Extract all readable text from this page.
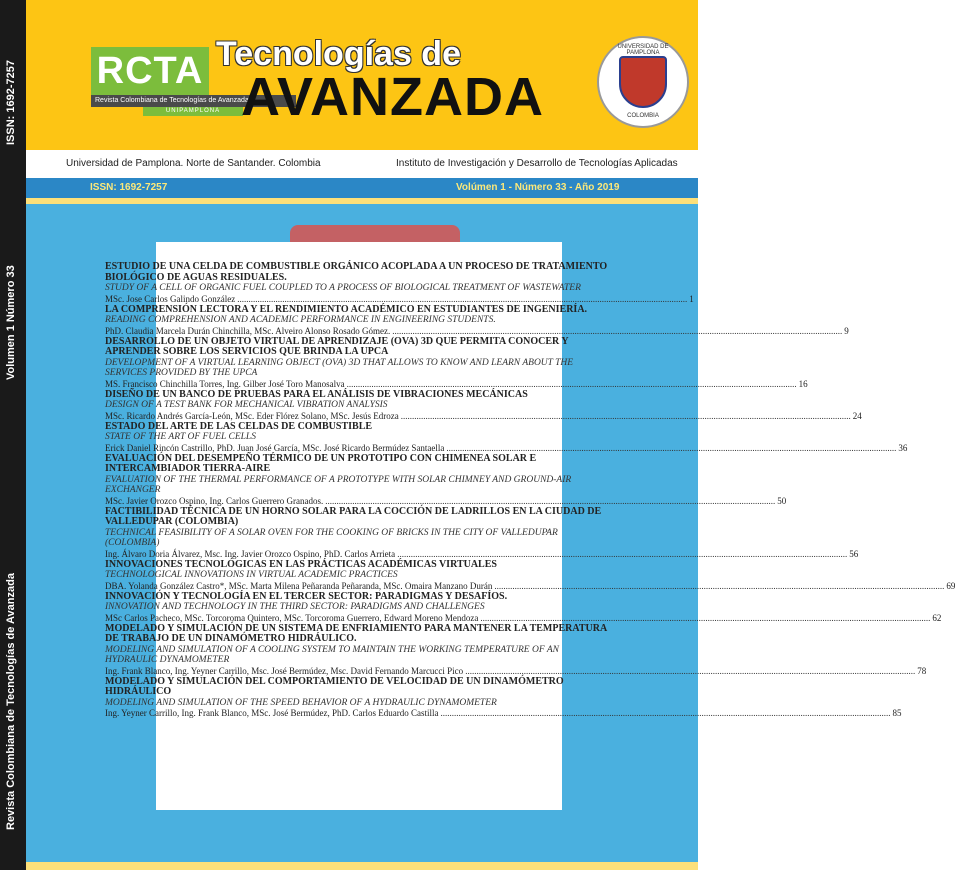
ISSN: 1692-7257
Volumen 1 Número 33
Revista Colombiana de Tecnologías de Avanzada
RCTA
Revista Colombiana de Tecnologías de Avanzada
UNIPAMPLONA
Tecnologías de
AVANZADA
UNIVERSIDAD DE PAMPLONA
COLOMBIA
Universidad de Pamplona. Norte de Santander. Colombia	Instituto de Investigación y Desarrollo de Tecnologías Aplicadas
ISSN: 1692-7257	Volúmen 1 - Número 33 - Año 2019
ESTUDIO DE UNA CELDA DE COMBUSTIBLE ORGÁNICO ACOPLADA A UN PROCESO DE TRATAMIENTO BIOLÓGICO DE AGUAS RESIDUALES.
STUDY OF A CELL OF ORGANIC FUEL COUPLED TO A PROCESS OF BIOLOGICAL TREATMENT OF WASTEWATER
MSc. Jose Carlos Galindo González ........................................................................................................................................................................................................ 1
LA COMPRENSIÓN LECTORA Y EL RENDIMIENTO ACADÉMICO EN ESTUDIANTES DE INGENIERÍA.
READING COMPREHENSION AND ACADEMIC PERFORMANCE IN ENGINEERING STUDENTS.
PhD. Claudia Marcela Durán Chinchilla, MSc. Alveiro Alonso Rosado Gómez. ........................................................................................................................................................................................................ 9
DESARROLLO DE UN OBJETO VIRTUAL DE APRENDIZAJE (OVA) 3D QUE PERMITA CONOCER Y APRENDER SOBRE LOS SERVICIOS QUE BRINDA LA UPCA
DEVELOPMENT OF A VIRTUAL LEARNING OBJECT (OVA) 3D THAT ALLOWS TO KNOW AND LEARN ABOUT THE SERVICES PROVIDED BY THE UPCA
MS. Francisco Chinchilla Torres, Ing. Gilber José Toro Manosalva ........................................................................................................................................................................................................ 16
DISEÑO DE UN BANCO DE PRUEBAS PARA EL ANÁLISIS DE VIBRACIONES MECÁNICAS
DESIGN OF A TEST BANK FOR MECHANICAL VIBRATION ANALYSIS
MSc. Ricardo Andrés García-León, MSc. Eder Flórez Solano, MSc. Jesús Edroza ........................................................................................................................................................................................................ 24
ESTADO DEL ARTE DE LAS CELDAS DE COMBUSTIBLE
STATE OF THE ART OF FUEL CELLS
Erick Daniel Rincón Castrillo, PhD. Juan José García, MSc. José Ricardo Bermúdez Santaella ........................................................................................................................................................................................................ 36
EVALUACIÓN DEL DESEMPEÑO TÉRMICO DE UN PROTOTIPO CON CHIMENEA SOLAR E INTERCAMBIADOR TIERRA-AIRE
EVALUATION OF THE THERMAL PERFORMANCE OF A PROTOTYPE WITH SOLAR CHIMNEY AND GROUND-AIR EXCHANGER
MSc. Javier Orozco Ospino, Ing. Carlos Guerrero Granados. ........................................................................................................................................................................................................ 50
FACTIBILIDAD TÉCNICA DE UN HORNO SOLAR PARA LA COCCIÓN DE LADRILLOS EN LA CIUDAD DE VALLEDUPAR (COLOMBIA)
TECHNICAL FEASIBILITY OF A SOLAR OVEN FOR THE COOKING OF BRICKS IN THE CITY OF VALLEDUPAR (COLOMBIA)
Ing. Álvaro Doria Álvarez, Msc. Ing. Javier Orozco Ospino, PhD. Carlos Arrieta ........................................................................................................................................................................................................ 56
INNOVACIONES TECNOLÓGICAS EN LAS PRÁCTICAS ACADÉMICAS VIRTUALES
TECHNOLOGICAL INNOVATIONS IN VIRTUAL ACADEMIC PRACTICES
DBA. Yolanda González Castro*, MSc. Marta Milena Peñaranda Peñaranda, MSc. Omaira Manzano Durán ........................................................................................................................................................................................................ 69
INNOVACIÓN Y TECNOLOGÍA EN EL TERCER SECTOR: PARADIGMAS Y DESAFÍOS.
INNOVATION AND TECHNOLOGY IN THE THIRD SECTOR: PARADIGMS AND CHALLENGES
MSc Carlos Pacheco, MSc. Torcoroma Quintero, MSc. Torcoroma Guerrero, Edward Moreno Mendoza ........................................................................................................................................................................................................ 62
MODELADO Y SIMULACIÓN DE UN SISTEMA DE ENFRIAMIENTO PARA MANTENER LA TEMPERATURA DE TRABAJO DE UN DINAMÓMETRO HIDRÁULICO.
MODELING AND SIMULATION OF A COOLING SYSTEM TO MAINTAIN THE WORKING TEMPERATURE OF AN HYDRAULIC DYNAMOMETER
Ing. Frank Blanco, Ing. Yeyner Carrillo, Msc. José Bermúdez, Msc. David Fernando Marcucci Pico ........................................................................................................................................................................................................ 78
MODELADO Y SIMULACIÓN DEL COMPORTAMIENTO DE VELOCIDAD DE UN DINAMÓMETRO HIDRÁULICO
MODELING AND SIMULATION OF THE SPEED BEHAVIOR OF A HYDRAULIC DYNAMOMETER
Ing. Yeyner Carrillo, Ing. Frank Blanco, MSc. José Bermúdez, PhD. Carlos Eduardo Castilla ........................................................................................................................................................................................................ 85
